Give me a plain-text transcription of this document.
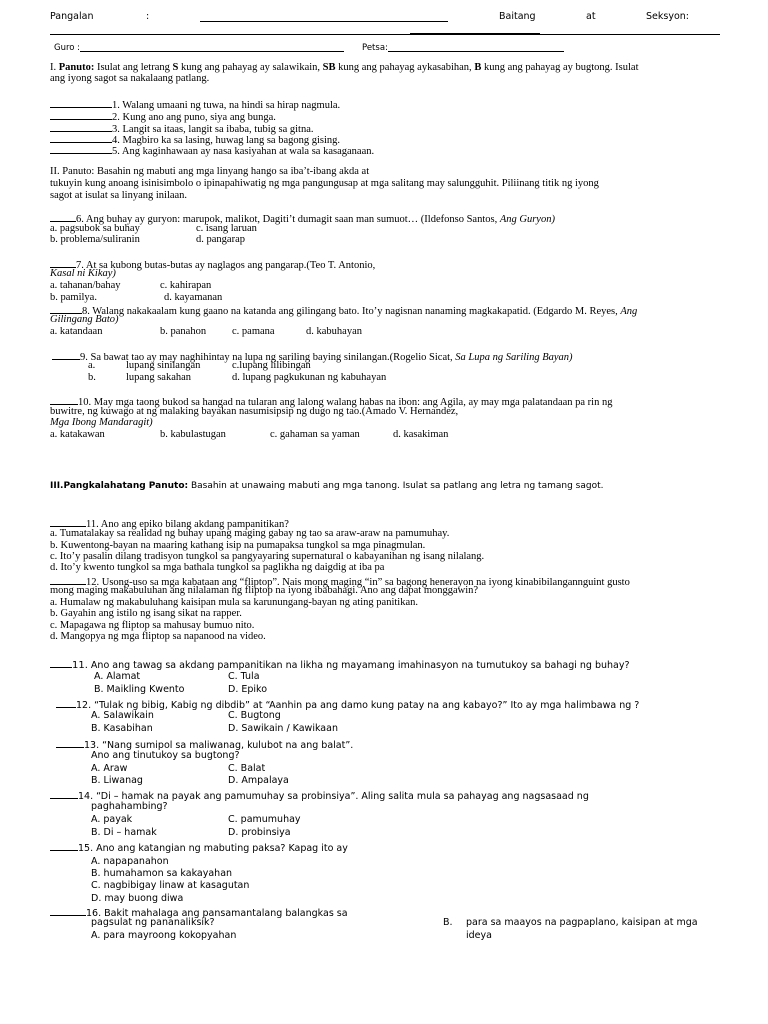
Pangalan	:	Baitang	at	Seksyon:
Guro :	Petsa:
I. Panuto: Isulat ang letrang S kung ang pahayag ay salawikain, SB kung ang pahayag aykasabihan, B kung ang pahayag ay bugtong. Isulat
ang iyong sagot sa nakalaang patlang.
1. Walang umaani ng tuwa, na hindi sa hirap nagmula.
2. Kung ano ang puno, siya ang bunga.
3. Langit sa itaas, langit sa ibaba, tubig sa gitna.
4. Magbiro ka sa lasing, huwag lang sa bagong gising.
5. Ang kaginhawaan ay nasa kasiyahan at wala sa kasaganaan.
II. Panuto: Basahin ng mabuti ang mga linyang hango sa iba’t-ibang akda at
tukuyin kung anoang isinisimbolo o ipinapahiwatig ng mga pangungusap at mga salitang may salungguhit. Piliinang titik ng iyong
sagot at isulat sa linyang inilaan.
6. Ang buhay ay guryon: marupok, malikot, Dagiti’t dumagit saan man sumuot… (Ildefonso Santos, Ang Guryon)
a. pagsubok sa buhay	c. isang laruan
b. problema/suliranin	d. pangarap
7. At sa kubong butas-butas ay naglagos ang pangarap.(Teo T. Antonio,
Kasal ni Kikay)
a. tahanan/bahay	c. kahirapan
b. pamilya.	d. kayamanan
8. Walang nakakaalam kung gaano na katanda ang gilingang bato. Ito’y nagisnan nanaming magkakapatid. (Edgardo M. Reyes, Ang
Gilingang Bato)
a. katandaan	b. panahon c. pamana	d. kabuhayan
9. Sa bawat tao ay may naghihintay na lupa ng sariling baying sinilangan.(Rogelio Sicat, Sa Lupa ng Sariling Bayan)
a.	lupang sinilangan	c.lupang lilibingan
b.	lupang sakahan	d. lupang pagkukunan ng kabuhayan
10. May mga taong bukod sa hangad na tularan ang lalong walang habas na ibon: ang Agila, ay may mga palatandaan pa rin ng
buwitre, ng kuwago at ng malaking bayakan nasumisipsip ng dugo ng tao.(Amado V. Hernandez,
Mga Ibong Mandaragit)
a. katakawan	b. kabulastugan	c. gahaman sa yaman	d. kasakiman
III.Pangkalahatang Panuto: Basahin at unawaing mabuti ang mga tanong. Isulat sa patlang ang letra ng tamang sagot.
11. Ano ang epiko bilang akdang pampanitikan?
a. Tumatalakay sa realidad ng buhay upang maging gabay ng tao sa araw-araw na pamumuhay.
b. Kuwentong-bayan na maaring kathang isip na pumapaksa tungkol sa mga pinagmulan.
c. Ito’y pasalin dilang tradisyon tungkol sa pangyayaring supernatural o kabayanihan ng isang nilalang.
d. Ito’y kwento tungkol sa mga bathala tungkol sa paglikha ng daigdig at iba pa
12. Usong-uso sa mga kabataan ang “fliptop”. Nais mong maging “in” sa bagong henerayon na iyong kinabibilangannguint gusto
mong maging makabuluhan ang nilalaman ng fliptop na iyong ibabahagi. Ano ang dapat monggawin?
a. Humalaw ng makabuluhang kaisipan mula sa karunungang-bayan ng ating panitikan.
b. Gayahin ang istilo ng isang sikat na rapper.
c. Mapagawa ng fliptop sa mahusay bumuo nito.
d. Mangopya ng mga fliptop sa napanood na video.
11. Ano ang tawag sa akdang pampanitikan na likha ng mayamang imahinasyon na tumutukoy sa bahagi ng buhay?
A. Alamat	C. Tula
B. Maikling Kwento	D. Epiko
12. “Tulak ng bibig, Kabig ng dibdib” at “Aanhin pa ang damo kung patay na ang kabayo?” Ito ay mga halimbawa ng ?
A. Salawikain	C. Bugtong
B. Kasabihan	D. Sawikain / Kawikaan
13. “Nang sumipol sa maliwanag, kulubot na ang balat”.
Ano ang tinutukoy sa bugtong?
A. Araw	C. Balat
B. Liwanag	D. Ampalaya
14. “Di – hamak na payak ang pamumuhay sa probinsiya”. Aling salita mula sa pahayag ang nagsasaad ng
paghahambing?
A. payak	C. pamumuhay
B. Di – hamak	D. probinsiya
15. Ano ang katangian ng mabuting paksa? Kapag ito ay
A. napapanahon
B. humahamon sa kakayahan
C. nagbibigay linaw at kasagutan
D. may buong diwa
16. Bakit mahalaga ang pansamantalang balangkas sa
pagsulat ng pananaliksik?
A. para mayroong kokopyahan
B. para sa maayos na pagpaplano, kaisipan at mga
ideya
